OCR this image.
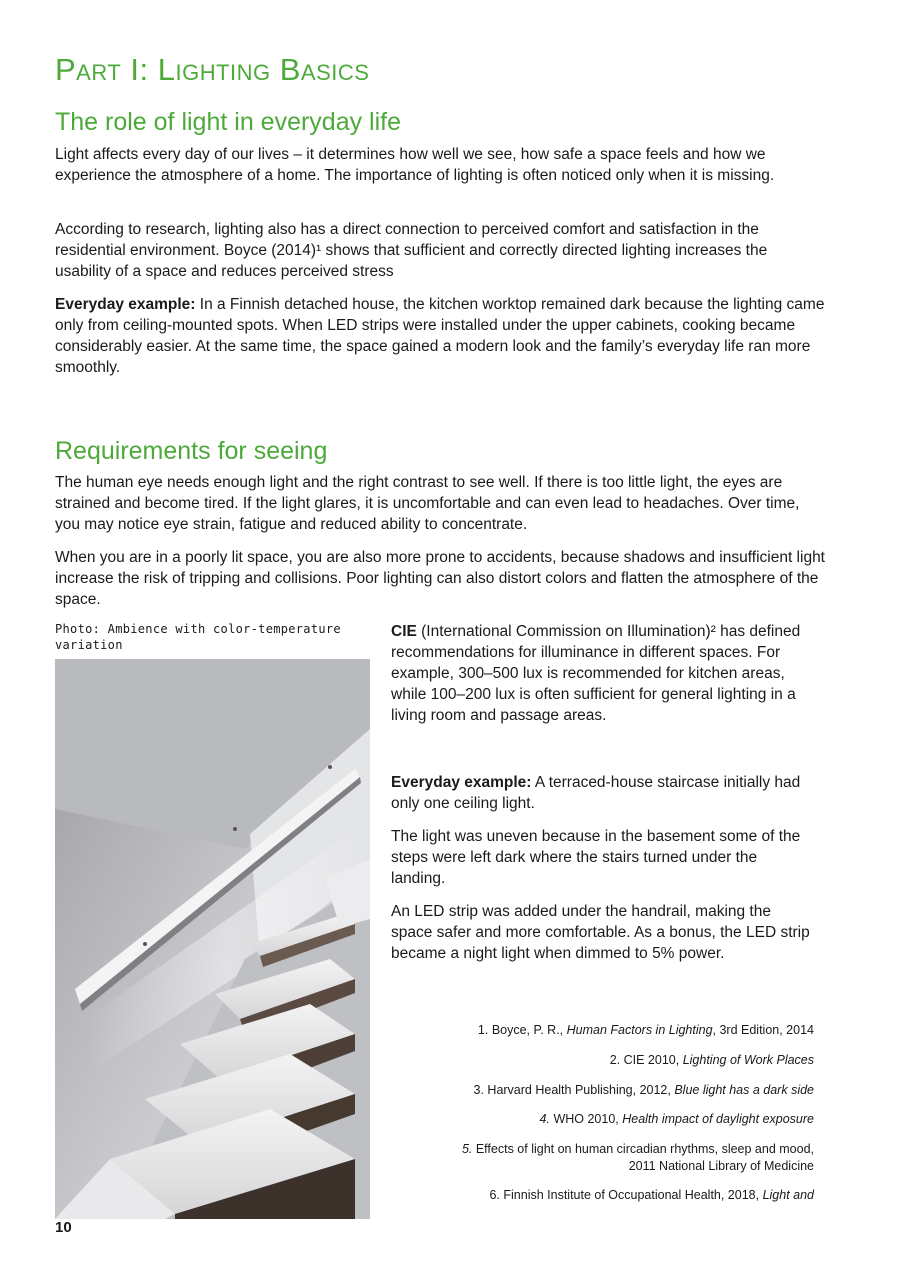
Part I: Lighting Basics
The role of light in everyday life

Light affects every day of our lives – it determines how well we see, how safe a space feels and how we experience the atmosphere of a home. The importance of lighting is often noticed only when it is missing.

According to research, lighting also has a direct connection to perceived comfort and satisfaction in the residential environment. Boyce (2014)¹ shows that sufficient and correctly directed lighting increases the usability of a space and reduces perceived stress

Everyday example: In a Finnish detached house, the kitchen worktop remained dark because the lighting came only from ceiling-mounted spots. When LED strips were installed under the upper cabinets, cooking became considerably easier. At the same time, the space gained a modern look and the family’s everyday life ran more smoothly.

Requirements for seeing

The human eye needs enough light and the right contrast to see well. If there is too little light, the eyes are strained and become tired. If the light glares, it is uncomfortable and can even lead to headaches. Over time, you may notice eye strain, fatigue and reduced ability to concentrate.

When you are in a poorly lit space, you are also more prone to accidents, because shadows and insufficient light increase the risk of tripping and collisions. Poor lighting can also distort colors and flatten the atmosphere of the space.

Photo: Ambience with color-temperature variation

CIE (International Commission on Illumination)² has defined recommendations for illuminance in different spaces. For example, 300–500 lux is recommended for kitchen areas, while 100–200 lux is often sufficient for general lighting in a living room and passage areas.

Everyday example: A terraced-house staircase initially had only one ceiling light.

The light was uneven because in the basement some of the steps were left dark where the stairs turned under the landing.

An LED strip was added under the handrail, making the space safer and more comfortable. As a bonus, the LED strip became a night light when dimmed to 5% power.

1. Boyce, P. R., Human Factors in Lighting, 3rd Edition, 2014

2. CIE 2010, Lighting of Work Places

3. Harvard Health Publishing, 2012, Blue light has a dark side

4. WHO 2010, Health impact of daylight exposure

5. Effects of light on human circadian rhythms, sleep and mood, 2011 National Library of Medicine

6. Finnish Institute of Occupational Health, 2018, Light and

10
